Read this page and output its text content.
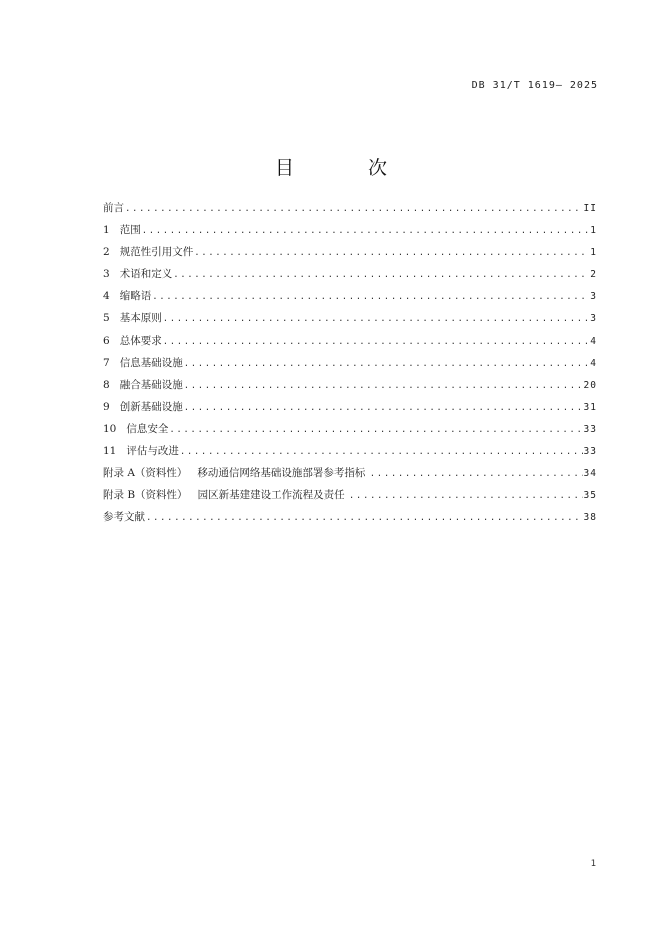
DB 31/T 1619— 2025
目 次
前言 .....	II
1   范围 .....	1
2   规范性引用文件 .....	1
3   术语和定义 .....	2
4   缩略语 .....	3
5   基本原则 .....	3
6   总体要求 .....	4
7   信息基础设施 .....	4
8   融合基础设施 .....	20
9   创新基础设施 .....	31
10   信息安全 .....	33
11   评估与改进 .....	33
附录 A（资料性）   移动通信网络基础设施部署参考指标 .....	34
附录 B（资料性）   园区新基建建设工作流程及责任 .....	35
参考文献 .....	38
1
